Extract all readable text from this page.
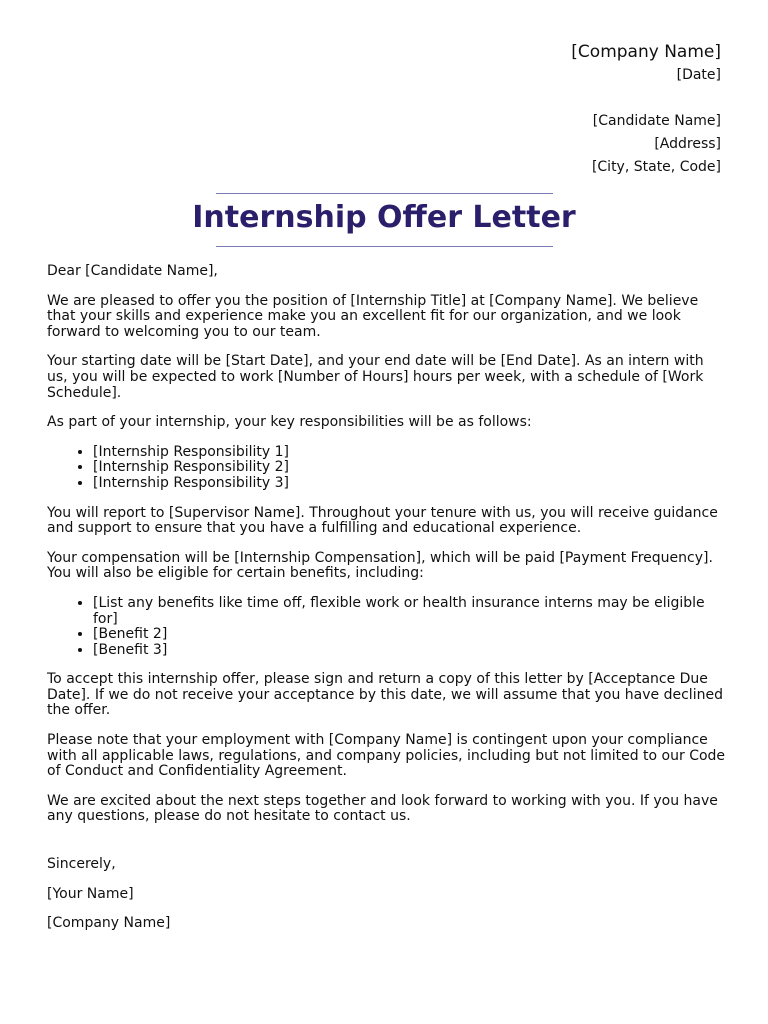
[Company Name]

[Date]

[Candidate Name]

[Address]

[City, State, Code]

Internship Offer Letter

Dear [Candidate Name],

We are pleased to offer you the position of [Internship Title] at [Company Name]. We believe that your skills and experience make you an excellent fit for our organization, and we look forward to welcoming you to our team.

Your starting date will be [Start Date], and your end date will be [End Date]. As an intern with us, you will be expected to work [Number of Hours] hours per week, with a schedule of [Work Schedule].

As part of your internship, your key responsibilities will be as follows:

• [Internship Responsibility 1]
• [Internship Responsibility 2]
• [Internship Responsibility 3]

You will report to [Supervisor Name]. Throughout your tenure with us, you will receive guidance and support to ensure that you have a fulfilling and educational experience.

Your compensation will be [Internship Compensation], which will be paid [Payment Frequency]. You will also be eligible for certain benefits, including:

• [List any benefits like time off, flexible work or health insurance interns may be eligible for]
• [Benefit 2]
• [Benefit 3]

To accept this internship offer, please sign and return a copy of this letter by [Acceptance Due Date]. If we do not receive your acceptance by this date, we will assume that you have declined the offer.

Please note that your employment with [Company Name] is contingent upon your compliance with all applicable laws, regulations, and company policies, including but not limited to our Code of Conduct and Confidentiality Agreement.

We are excited about the next steps together and look forward to working with you. If you have any questions, please do not hesitate to contact us.

Sincerely,

[Your Name]

[Company Name]
